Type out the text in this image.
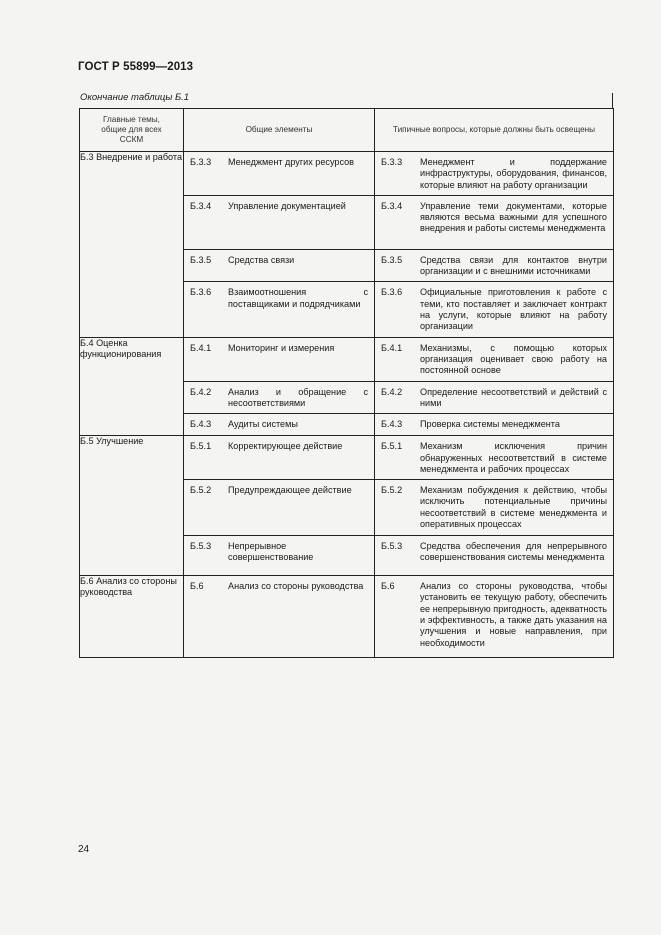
ГОСТ Р 55899—2013
Окончание таблицы Б.1
Главные темы, общие для всех ССКМ	Общие элементы	Типичные вопросы, которые должны быть освещены

Б.3 Внедрение и работа	Б.3.3 Менеджмент других ресурсов	Б.3.3 Менеджмент и поддержание инфраструктуры, оборудования, финансов, которые влияют на работу организации

	Б.3.4 Управление документацией	Б.3.4 Управление теми документами, которые являются весьма важными для успешного внедрения и работы системы менеджмента

	Б.3.5 Средства связи	Б.3.5 Средства связи для контактов внутри организации и с внешними источниками

	Б.3.6 Взаимоотношения с поставщиками и подрядчиками	Б.3.6 Официальные приготовления к работе с теми, кто поставляет и заключает контракт на услуги, которые влияют на работу организации

Б.4 Оценка функционирования	Б.4.1 Мониторинг и измерения	Б.4.1 Механизмы, с помощью которых организация оценивает свою работу на постоянной основе

	Б.4.2 Анализ и обращение с несоответствиями	Б.4.2 Определение несоответствий и действий с ними

	Б.4.3 Аудиты системы	Б.4.3 Проверка системы менеджмента

Б.5 Улучшение	Б.5.1 Корректирующее действие	Б.5.1 Механизм исключения причин обнаруженных несоответствий в системе менеджмента и рабочих процессах

	Б.5.2 Предупреждающее действие	Б.5.2 Механизм побуждения к действию, чтобы исключить потенциальные причины несоответствий в системе менеджмента и оперативных процессах

	Б.5.3 Непрерывное совершенствование	Б.5.3 Средства обеспечения для непрерывного совершенствования системы менеджмента

Б.6 Анализ со стороны руководства	Б.6 Анализ со стороны руководства	Б.6 Анализ со стороны руководства, чтобы установить ее текущую работу, обеспечить ее непрерывную пригодность, адекватность и эффективность, а также дать указания на улучшения и новые направления, при необходимости
24
